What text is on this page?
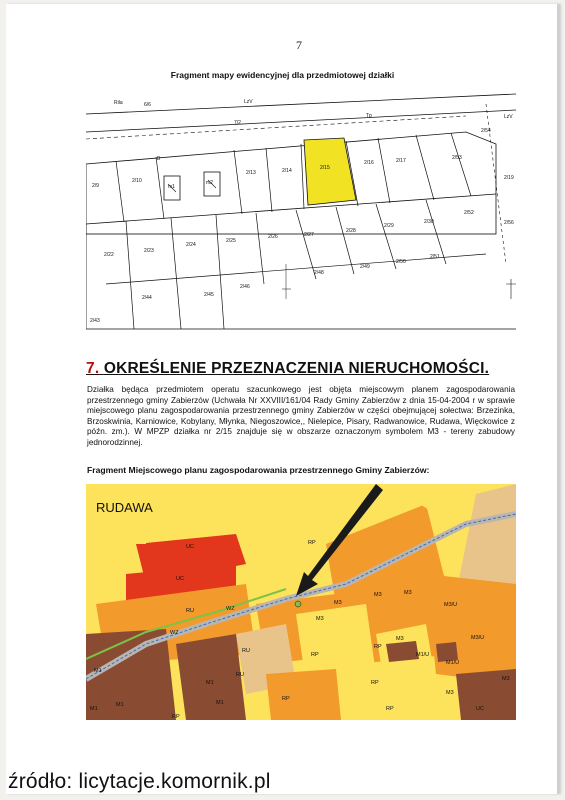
7
Fragment mapy ewidencyjnej dla przedmiotowej działki
Rila	6/6	LzV
7/2
Tp
2/54
LzV
2/9
2/10
B
2/13	2/14	2/15
2/16	2/17	2/53
2/19
m2
m1
2/52
2/56
2/22
2/23
2/24
2/25
2/26	2/27
2/28
2/29
2/30
2/44	2/45
2/46
2/48
2/49
2/50
2/51
2/43
7. OKREŚLENIE PRZEZNACZENIA NIERUCHOMOŚCI.
Działka będąca przedmiotem operatu szacunkowego jest objęta miejscowym planem zagospodarowania przestrzennego gminy Zabierzów (Uchwała Nr XXVIII/161/04 Rady Gminy Zabierzów z dnia 15-04-2004 r w sprawie miejscowego planu zagospodarowania przestrzennego gminy Zabierzów w części obejmującej sołectwa: Brzezinka, Brzoskwinia, Karniowice, Kobylany, Młynka, Niegoszowice,, Nielepice, Pisary, Radwanowice, Rudawa, Więckowice z późn. zm.). W MPZP działka nr 2/15 znajduje się w obszarze oznaczonym symbolem M3 - tereny zabudowy jednorodzinnej.
Fragment Miejscowego planu zagospodarowania przestrzennego Gminy Zabierzów:
RUDAWA
UC
UC
RP
RU	WZ
WZ
RU
M3
M3	M3
M3/U
M3/U
M3
M1
M1
RP
RP
RP
RP
RU
M1
M1/U
M1/U
RP
RP
M3
UC
M1	M1
M3
M3
źródło: licytacje.komornik.pl
